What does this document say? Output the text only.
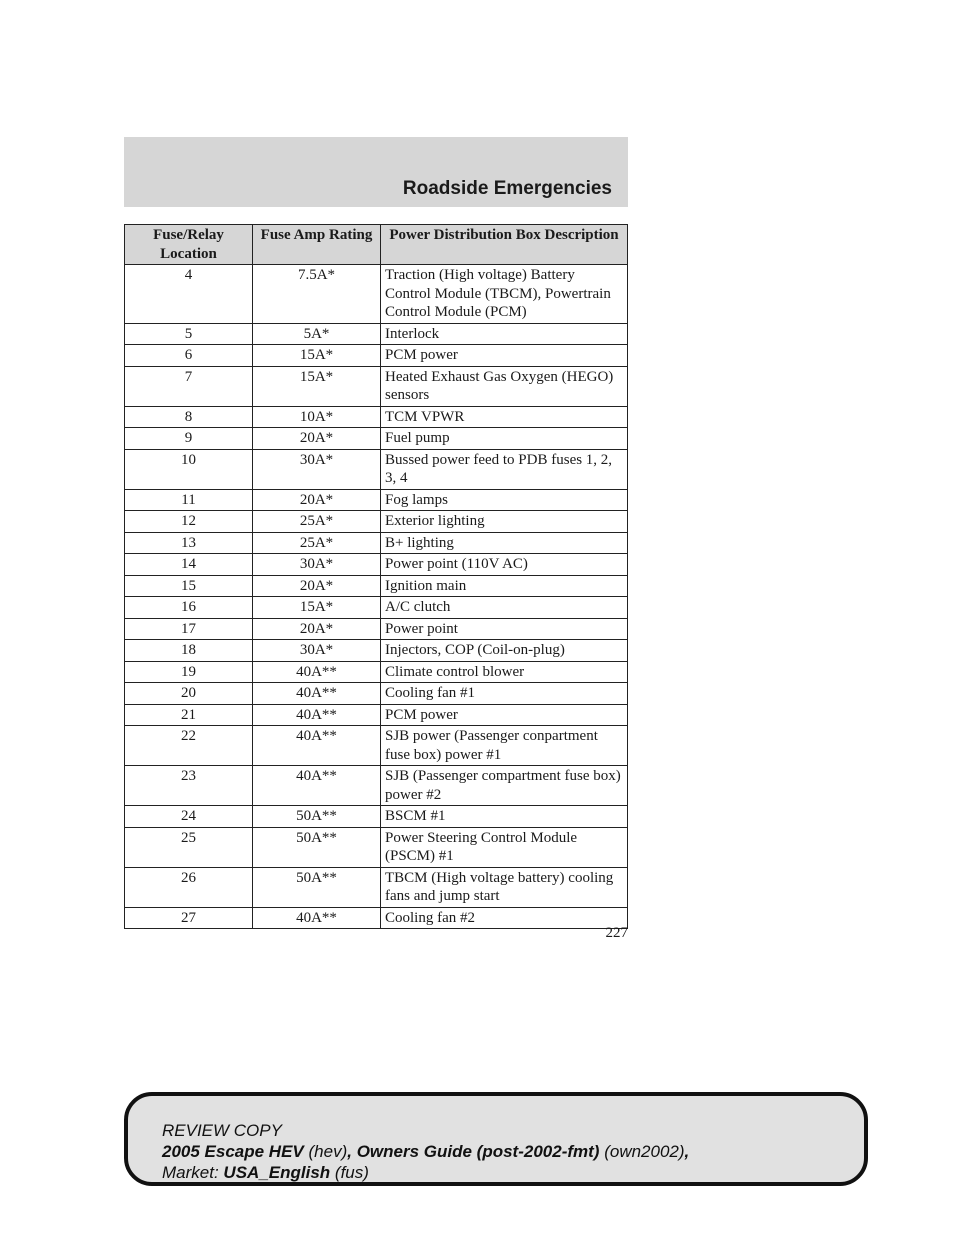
Roadside Emergencies
Fuse/Relay Location	Fuse Amp Rating	Power Distribution Box Description
4	7.5A*	Traction (High voltage) Battery Control Module (TBCM), Powertrain Control Module (PCM)
5	5A*	Interlock
6	15A*	PCM power
7	15A*	Heated Exhaust Gas Oxygen (HEGO) sensors
8	10A*	TCM VPWR
9	20A*	Fuel pump
10	30A*	Bussed power feed to PDB fuses 1, 2, 3, 4
11	20A*	Fog lamps
12	25A*	Exterior lighting
13	25A*	B+ lighting
14	30A*	Power point (110V AC)
15	20A*	Ignition main
16	15A*	A/C clutch
17	20A*	Power point
18	30A*	Injectors, COP (Coil-on-plug)
19	40A**	Climate control blower
20	40A**	Cooling fan #1
21	40A**	PCM power
22	40A**	SJB power (Passenger conpartment fuse box) power #1
23	40A**	SJB (Passenger compartment fuse box) power #2
24	50A**	BSCM #1
25	50A**	Power Steering Control Module (PSCM) #1
26	50A**	TBCM (High voltage battery) cooling fans and jump start
27	40A**	Cooling fan #2
227
REVIEW COPY
2005 Escape HEV (hev), Owners Guide (post-2002-fmt) (own2002),
Market: USA_English (fus)
